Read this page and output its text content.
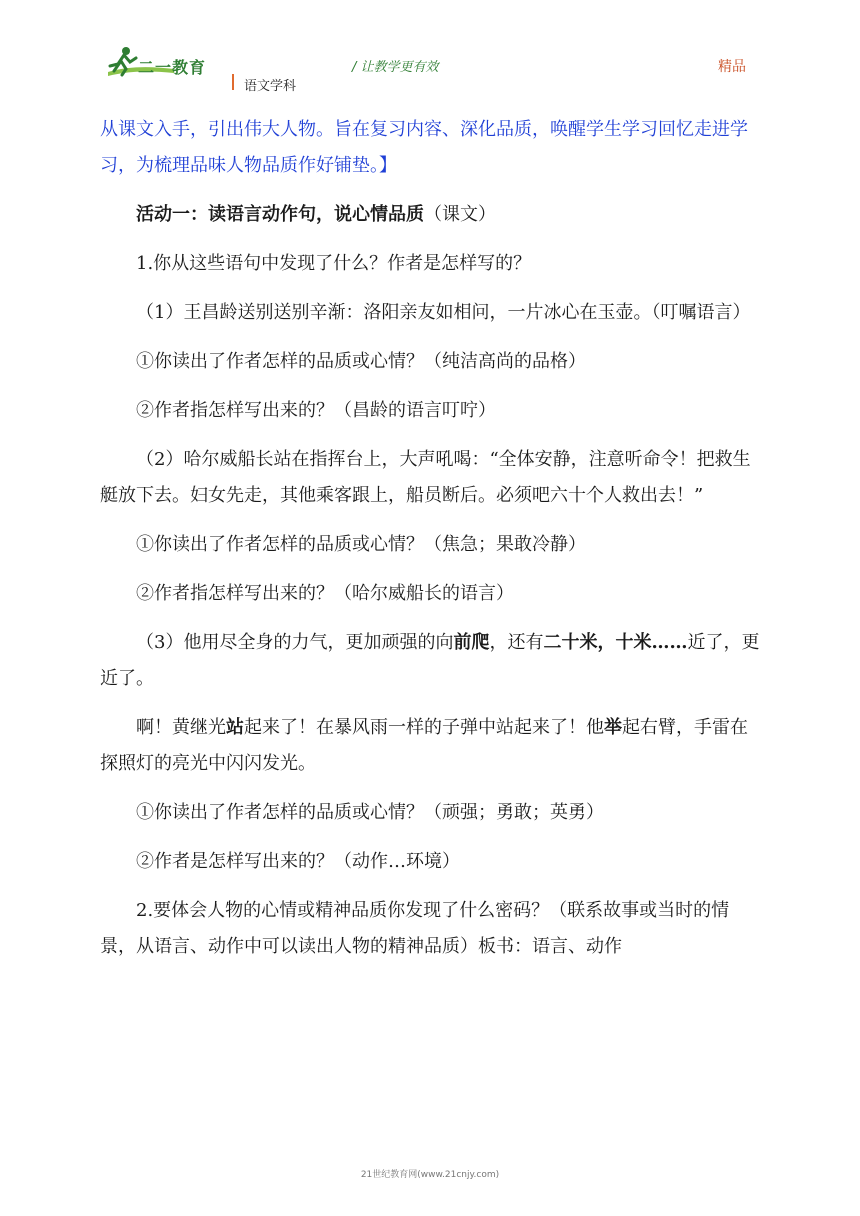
二一教育
语文学科
/ 让教学更有效	精品

从课文入手，引出伟大人物。旨在复习内容、深化品质，唤醒学生学习回忆走进学习，为梳理品味人物品质作好铺垫。】

活动一：读语言动作句，说心情品质（课文）

1.你从这些语句中发现了什么？作者是怎样写的？

（1）王昌龄送别送别辛渐：洛阳亲友如相问，一片冰心在玉壶。（叮嘱语言）

①你读出了作者怎样的品质或心情？（纯洁高尚的品格）

②作者指怎样写出来的？（昌龄的语言叮咛）

（2）哈尔威船长站在指挥台上，大声吼喝：“全体安静，注意听命令！把救生艇放下去。妇女先走，其他乘客跟上，船员断后。必须吧六十个人救出去！”

①你读出了作者怎样的品质或心情？（焦急；果敢冷静）

②作者指怎样写出来的？（哈尔威船长的语言）

（3）他用尽全身的力气，更加顽强的向前爬，还有二十米，十米……近了，更近了。

啊！黄继光站起来了！在暴风雨一样的子弹中站起来了！他举起右臂，手雷在探照灯的亮光中闪闪发光。

①你读出了作者怎样的品质或心情？（顽强；勇敢；英勇）

②作者是怎样写出来的？（动作…环境）

2.要体会人物的心情或精神品质你发现了什么密码？（联系故事或当时的情景，从语言、动作中可以读出人物的精神品质）板书：语言、动作

21世纪教育网(www.21cnjy.com)
